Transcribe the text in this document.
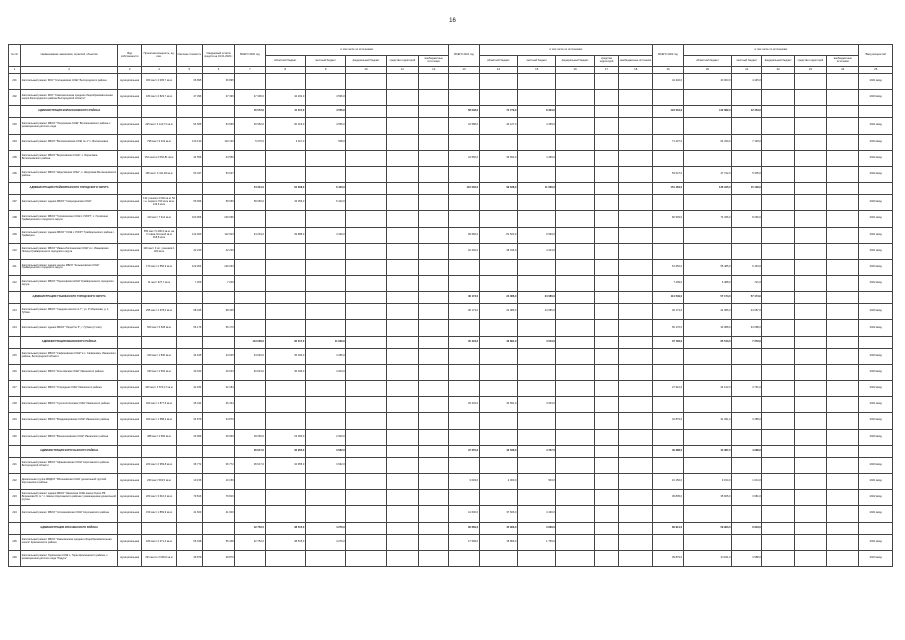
16
№ п/п	Наименование заказчиков, отраслей, объектов	Вид собственности	Проектная мощность, ед. изм.	Сметная стоимость	Ожидаемый остаток средств на 01.01.2020 г.	ВСЕГО 2020 год	в том числе по источникам:					ВСЕГО 2021 год	в том числе по источникам:					ВСЕГО 2022 год	в том числе по источникам:					Ввод мощностей
							областной бюджет	местный бюджет	федеральный бюджет	средства территорий	внебюджетные источники		областной бюджет	местный бюджет	федеральный бюджет	средства территорий	внебюджетные источники		областной бюджет	местный бюджет	федеральный бюджет	средства территорий	внебюджетные источники	
1	2	3	4	5	6	7	8	9	10	11	12	13	14	15	16	17	18	19	20	21	22	23	24	25
201	Капитальный ремонт МОУ "Солнцевская СОШ" Белгородского района	муниципальная	300 мест 4 005,7 кв.м	36 895	36 895													44 440,0	40 003,0	4 445,0				2021 ввод
202	Капитальный ремонт МОУ "Комсомольская средняя общеобразовательная школа Белгородского района Белгородской области"	муниципальная	180 мест 2 823,7 кв.м	47 396	47 396	47 396,0	42 202,0	4 596,0																2020 ввод
	АДМИНИСТРАЦИЯ ВОЛОКОНОВСКОГО РАЙОНА					45 572,0	41 017,0	4 556,0				58 048,0	74 779,0	8 303,0				124 534,0	112 082,0	12 453,0				
203	Капитальный ремонт МБОУ "Погромская СОШ" Волоконовского района с размещением детского сада	муниципальная	225 мест 4 122,71 кв.м	54 565	54 565	45 560,0	00 013,0	4 556,0				44 588,0	40 127,0	4 459,0										2021 ввод
204	Капитальный ремонт МБОУ "Волоконовская СОШ № 1" п. Волоконовка	муниципальная	798 мест 9 419 кв.м	110 130	110 130	5 070,0	3 017,0	508,0										71 437,0	64 330,0	7 148,0				2024 ввод
205	Капитальный ремонт МБОУ "Борисовская СОШ", с. Борисовка Волоконовского района	муниципальная	152 места 2 552,81 кв.м	44 556	44 556							44 556,0	39 652,0	4 459,0										2022 ввод
206	Капитальный ремонт МБОУ "Шидловская СОШ", с. Шидловка Волоконовского района	муниципальная	165 мест 3 411,28 кв.м	53 047	53 047													53 047,0	47 742,0	5 305,0				2022 ввод
	АДМИНИСТРАЦИЯ ГРАЙВОРОНСКОГО ГОРОДСКОГО ОКРУГА					54 331,0	64 008,0	6 423,0				110 502,0	99 638,0	11 066,0				151 484,0	136 345,0	15 139,0				
207	Капитальный ремонт здания МБОУ "Смородинская СОШ"	муниципальная	132 ученика 3 092 кв.м. 50 т.н. первого 700 кв.м кв.м. 132,6 кв.м	59 066	59 066	59 066,0	43 056,0	6 423,0																2020 ввод
208	Капитальный ремонт МБОУ "Головчинская СОШ с УИОП", с. Головчино Грайворонского городского округа	муниципальная	410 мест 7 614 кв.м	100 066	100 066													82 593,0	74 336,0	8 260,0				2021 ввод
209	Капитальный ремонт здания МБОУ "СОШ с УИОП" Грайворонского района г. Грайворон	муниципальная	550 мест 5 406,6 кв.м. на 3 этажа блочной кв.м 318,8 кв.м	112 923	112 923	44 291,0	39 888,0	4 429,0				99 682,0	81 523,0	9 969,0										2021 ввод
210	Капитальный ремонт МБОУ "Ивано-Лисичанская СОШ" в с. Ивановская Лисица Грайворонского городского округа	муниципальная	140 мест 3 шт. учеников 1 920 кв.м	42 240	42 240							42 240,0	38 016,0	4 224,0										2021 ввод
211	Капитальный ремонт здания школы МБОУ "Козынковская СОШ" Грайворонского городского округа	муниципальная	170 мест 2 550,9 кв.м	120 264	120 264													61 652,0	55 485,0	6 163,0				2023 ввод
212	Капитальный ремонт МБОУ "Пороховская НОШ" Грайворонского городского округа	муниципальная	11 мест 327,7 кв.м	7 209	7 209													7 209,0	6 488,0	721,0				2022 ввод
	АДМИНИСТРАЦИЯ ГУБКИНСКОГО ГОРОДСКОГО ОКРУГА											48 173,0	24 086,0	24 086,0				114 549,0	57 174,0	57 174,0				
213	Капитальный ремонт МБОУ "Средняя школа № 7", ул. Р. Морозова, д. 1, Губкин	муниципальная	255 мест 4 378,0 кв.м	98 345	98 345							48 173,0	24 086,0	24 086,0				49 173,0	24 086,0	24 087,0				2020 ввод
214	Капитальный ремонт здания МБОУ "Лицей № 5", г. Губкин (2 этап)	муниципальная	500 мест 5 528 кв.м	66 176	66 176													65 176,0	33 088,0	33 088,0				2022 ввод
	АДМИНИСТРАЦИЯ ИВНЯНСКОГО РАЙОНА					113 009,0	90 017,0	11 909,0				45 434,0	40 891,0	4 543,0				72 792,0	65 513,0	7 279,0				
215	Капитальный ремонт МБОУ "Сафоновская СОШ" в с. Сафоновка, Ивнянского района, Белгородской области	муниципальная	320 мест 1 830 кв.м	44 645	44 645	44 645,0	35 183,0	4 465,0																2020 ввод
216	Капитальный ремонт МБОУ "Кочетовская СОШ" Ивнянского района	муниципальная	330 мест 2 562 кв.м	40 043	40 043	40 043,0	36 039,0	4 004,0																2020 ввод
217	Капитальный ремонт МБОУ "Огородная СОШ" Ивнянского района	муниципальная	320 мест 2 872,17 кв.м	42 184	42 184													27 912,0	24 122,0	3 791,0				2022 ввод
218	Капитальный ремонт МБОУ "Сухосолотинская СОШ" Ивнянского района	муниципальная	320 мест 1 877,5 кв.м	45 434	45 434							45 434,0	40 591,0	4 543,0										2021 ввод
219	Капитальный ремонт МБОУ "Владимировская СОШ" Ивнянского района	муниципальная	320 мест 1 588,2 кв.м	34 879	34 879													34 879,0	31 391,0	3 488,0				2023 ввод
220	Капитальный ремонт МБОУ "Вознесеновская СОШ" Ивнянского района	муниципальная	388 мест 2 582 кв.м	29 066	29 066	29 066,0	23 095,0	2 900,0																2020 ввод
	АДМИНИСТРАЦИЯ КОРОЧАНСКОГО РАЙОНА					36 617,0	32 955,0	3 662,0				47 270,0	42 536,0	4 727,0				49 388,0	44 387,0	4 998,0				
221	Капитальный ремонт МБОУ "Афанасовская СОШ" Корочанского района Белгородской области	муниципальная	200 мест 2 959,8 кв.м	36 772	36 772	36 617,0	32 955,0	3 662,0																2020 ввод
222	Дошкольная группа МБДОУ "Яблоновская СОШ" дошкольной группой, Корочанского района	муниципальная	260 мест 503,5 кв.м	10 156	10 156							3 003,0	2 000,0	503,0				10 156,0	9 154,0	1 014,0				2021 ввод
223	Капитальный ремонт здания МБОУ "Шеинская СОШ имени Героя РФ Воронкова Ю. Н." с. Шеино Корочанского района с размещением дошкольной группы	муниципальная	260 мест 3 610,0 кв.м	79 816	79 816													39 805,0	35 825,0	3 981,0				2022 ввод
224	Капитальный ремонт МБОУ "Алгазиновская СОШ" Корочанского района	муниципальная	150 мест 1 869,9 кв.м	41 600	41 600							41 600,0	37 606,0	4 160,0										2021 ввод
	АДМИНИСТРАЦИЯ КРАСНЕНСКОГО РАЙОНА					42 752,0	38 515,0	4 276,0				36 669,0	45 966,0	3 669,0				69 914,0	59 963,0	6 943,0				
225	Капитальный ремонт МБОУ "Камызинская средняя общеобразовательная школа" Красненского района	муниципальная	180 мест 2 471,4 кв.м	56 348	56 348	42 752,0	38 515,0	4 276,0				17 599,0	15 866,0	1 759,0										2021 ввод
226	Капитальный ремонт Горкинская СОШ с. Горки Красненского района, с размещением детского сада "Радуга"	муниципальная	291 место 3 909,6 кв.м	39 879	39 879													39 879,0	34 811,0	3 988,0				2023 ввод
